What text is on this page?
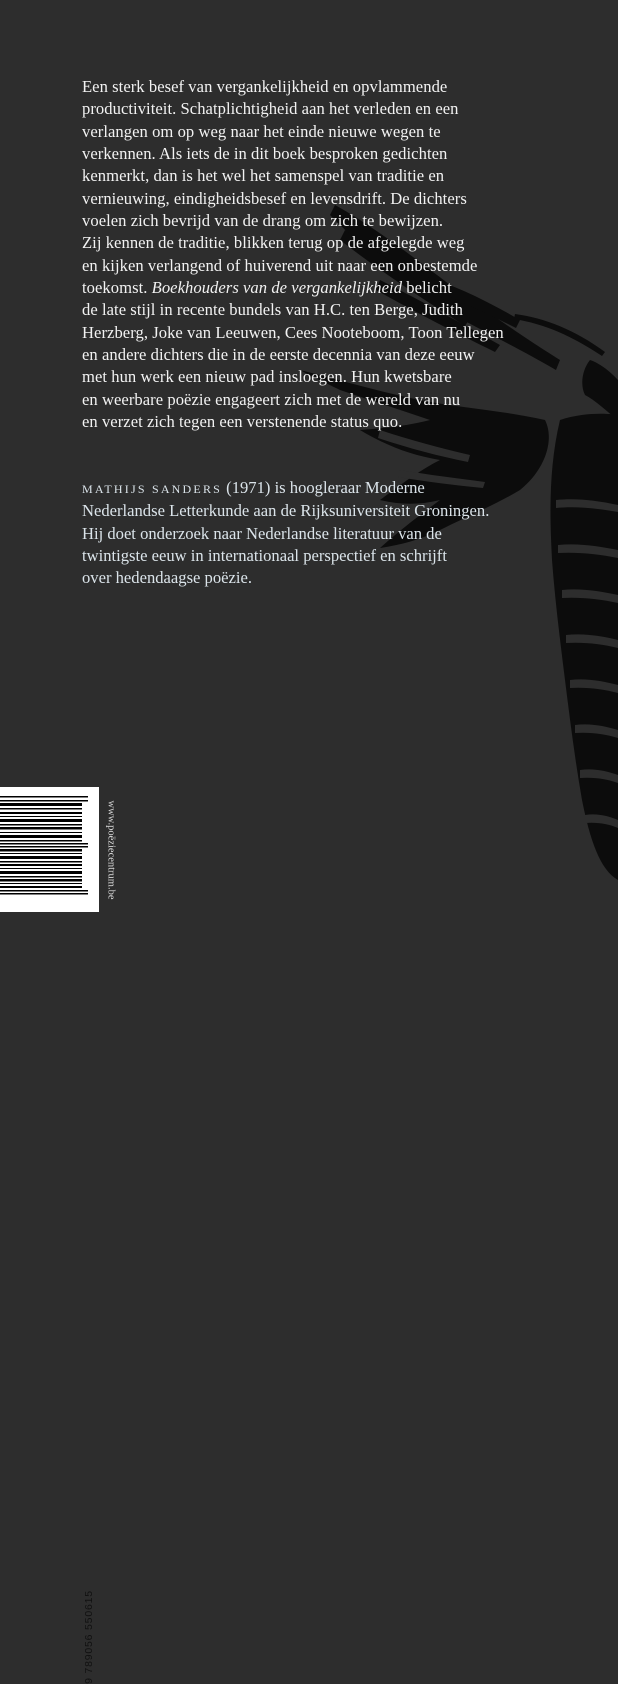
Een sterk besef van vergankelijkheid en opvlammende
productiviteit. Schatplichtigheid aan het verleden en een
verlangen om op weg naar het einde nieuwe wegen te
verkennen. Als iets de in dit boek besproken gedichten
kenmerkt, dan is het wel het samenspel van traditie en
vernieuwing, eindigheidsbesef en levensdrift. De dichters
voelen zich bevrijd van de drang om zich te bewijzen.
Zij kennen de traditie, blikken terug op de afgelegde weg
en kijken verlangend of huiverend uit naar een onbestemde
toekomst. Boekhouders van de vergankelijkheid belicht
de late stijl in recente bundels van H.C. ten Berge, Judith
Herzberg, Joke van Leeuwen, Cees Nooteboom, Toon Tellegen
en andere dichters die in de eerste decennia van deze eeuw
met hun werk een nieuw pad insloegen. Hun kwetsbare
en weerbare poëzie engageert zich met de wereld van nu
en verzet zich tegen een verstenende status quo.
MATHIJS SANDERS (1971) is hoogleraar Moderne
Nederlandse Letterkunde aan de Rijksuniversiteit Groningen.
Hij doet onderzoek naar Nederlandse literatuur van de
twintigste eeuw in internationaal perspectief en schrijft
over hedendaagse poëzie.
9 789056 550615
www.poëziecentrum.be
